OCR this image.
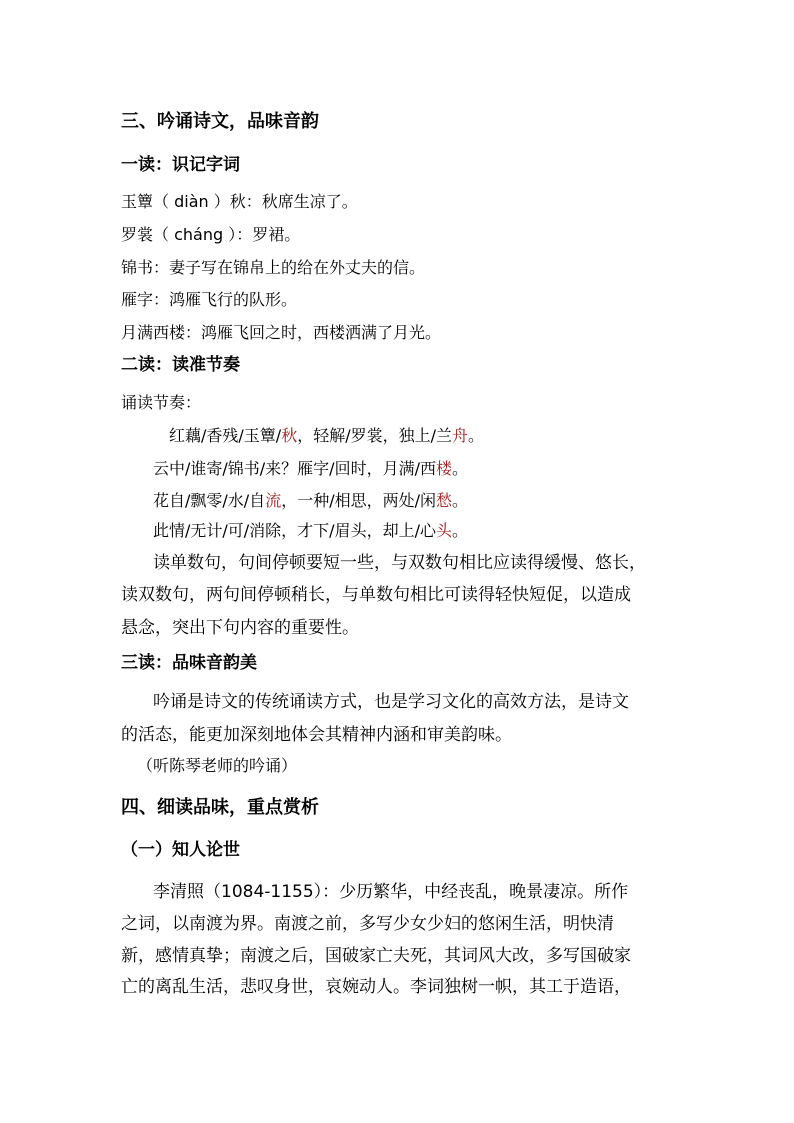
三、吟诵诗文，品味音韵
一读：识记字词
玉簟（ diàn ）秋：秋席生凉了。
罗裳（ cháng ）：罗裙。
锦书：妻子写在锦帛上的给在外丈夫的信。
雁字：鸿雁飞行的队形。
月满西楼：鸿雁飞回之时，西楼洒满了月光。
二读：读准节奏
诵读节奏：
红藕/香残/玉簟/秋，轻解/罗裳，独上/兰舟。
云中/谁寄/锦书/来？雁字/回时，月满/西楼。
花自/飘零/水/自流，一种/相思，两处/闲愁。
此情/无计/可/消除，才下/眉头，却上/心头。
读单数句，句间停顿要短一些，与双数句相比应读得缓慢、悠长，
读双数句，两句间停顿稍长，与单数句相比可读得轻快短促，以造成
悬念，突出下句内容的重要性。
三读：品味音韵美
吟诵是诗文的传统诵读方式，也是学习文化的高效方法，是诗文
的活态，能更加深刻地体会其精神内涵和审美韵味。
（听陈琴老师的吟诵）
四、细读品味，重点赏析
（一）知人论世
李清照（1084-1155）：少历繁华，中经丧乱，晚景凄凉。所作
之词，以南渡为界。南渡之前，多写少女少妇的悠闲生活，明快清
新，感情真挚；南渡之后，国破家亡夫死，其词风大改，多写国破家
亡的离乱生活，悲叹身世，哀婉动人。李词独树一帜，其工于造语，
